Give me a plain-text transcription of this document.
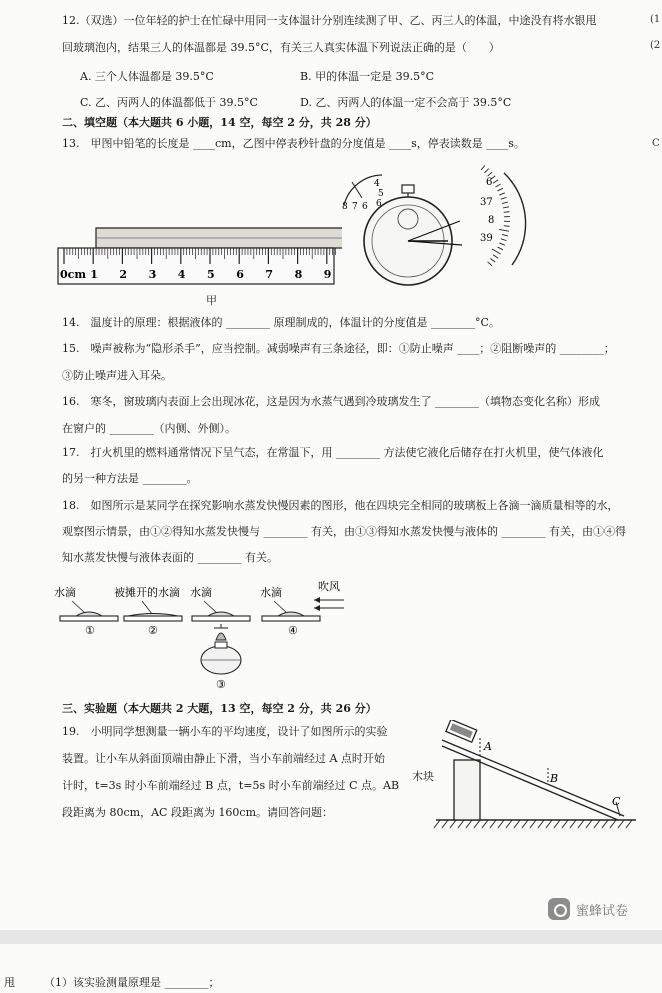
12.（双选）一位年轻的护士在忙碌中用同一支体温计分别连续测了甲、乙、丙三人的体温，中途没有将水银甩
回玻璃泡内，结果三人的体温都是 39.5°C，有关三人真实体温下列说法正确的是（　　）
A. 三个人体温都是 39.5°C	B. 甲的体温一定是 39.5°C
C. 乙、丙两人的体温都低于 39.5°C	D. 乙、丙两人的体温一定不会高于 39.5°C
二、填空题（本大题共 6 小题，14 空，每空 2 分，共 28 分）
13.　甲图中铅笔的长度是 ____cm，乙图中停表秒针盘的分度值是 ____s，停表读数是 ____s。
0cm 1 2 3 4 5 6 7 8 9
甲
4
5
6
8 7 6
6
37
8
39
14.　温度计的原理：根据液体的 ________ 原理制成的，体温计的分度值是 ________°C。
15.　噪声被称为“隐形杀手”，应当控制。减弱噪声有三条途径，即：①防止噪声 ____；②阻断噪声的 ________；
③防止噪声进入耳朵。
16.　寒冬，窗玻璃内表面上会出现冰花，这是因为水蒸气遇到冷玻璃发生了 ________（填物态变化名称）形成
在窗户的 ________（内侧、外侧）。
17.　打火机里的燃料通常情况下呈气态，在常温下，用 ________ 方法使它液化后储存在打火机里，使气体液化
的另一种方法是 ________。
18.　如图所示是某同学在探究影响水蒸发快慢因素的图形，他在四块完全相同的玻璃板上各滴一滴质量相等的水，
观察图示情景，由①②得知水蒸发快慢与 ________ 有关，由①③得知水蒸发快慢与液体的 ________ 有关，由①④得
知水蒸发快慢与液体表面的 ________ 有关。
水滴	被摊开的水滴 水滴	水滴	吹风
①	②	④
③
三、实验题（本大题共 2 大题，13 空，每空 2 分，共 26 分）
19.　小明同学想测量一辆小车的平均速度，设计了如图所示的实验
装置。让小车从斜面顶端由静止下滑，当小车前端经过 A 点时开始
计时，t=3s 时小车前端经过 B 点，t=5s 时小车前端经过 C 点。AB
段距离为 80cm，AC 段距离为 160cm。请回答问题：
A
B
C
木块
(1
(2
C
蜜蜂试卷
甩	（1）该实验测量原理是 ________；
